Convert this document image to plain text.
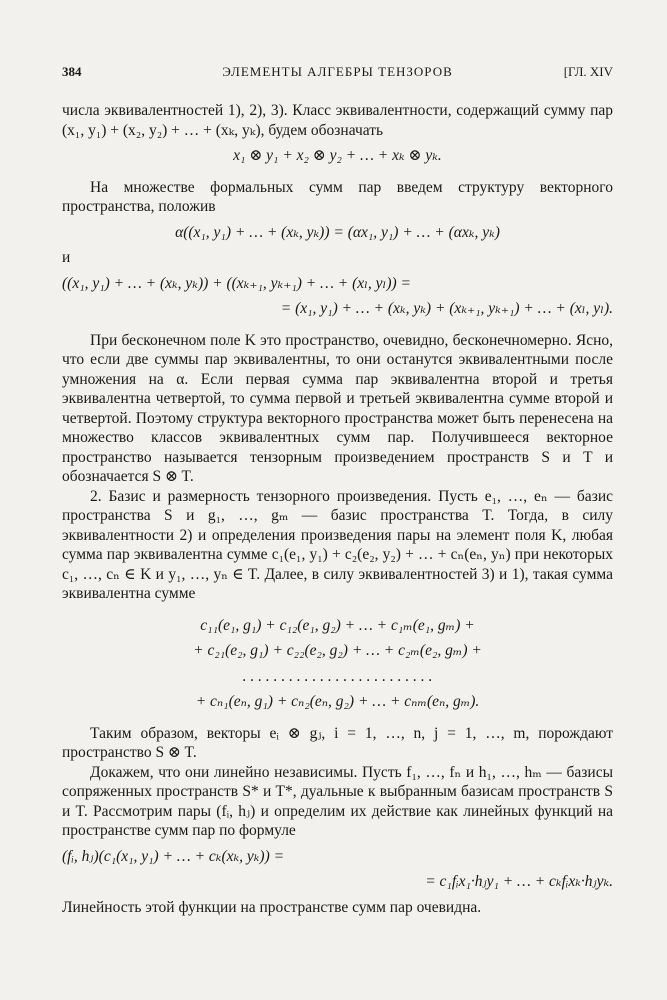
384	ЭЛЕМЕНТЫ АЛГЕБРЫ ТЕНЗОРОВ	[ГЛ. XIV

числа эквивалентностей 1), 2), 3). Класс эквивалентности, содержащий сумму пар (x₁, y₁) + (x₂, y₂) + … + (xₖ, yₖ), будем обозначать

x₁ ⊗ y₁ + x₂ ⊗ y₂ + … + xₖ ⊗ yₖ.

На множестве формальных сумм пар введем структуру векторного пространства, положив

α((x₁, y₁) + … + (xₖ, yₖ)) = (αx₁, y₁) + … + (αxₖ, yₖ)

и

((x₁, y₁) + … + (xₖ, yₖ)) + ((xₖ₊₁, yₖ₊₁) + … + (xₗ, yₗ)) =
= (x₁, y₁) + … + (xₖ, yₖ) + (xₖ₊₁, yₖ₊₁) + … + (xₗ, yₗ).

При бесконечном поле K это пространство, очевидно, бесконечномерно. Ясно, что если две суммы пар эквивалентны, то они останутся эквивалентными после умножения на α. Если первая сумма пар эквивалентна второй и третья эквивалентна четвертой, то сумма первой и третьей эквивалентна сумме второй и четвертой. Поэтому структура векторного пространства может быть перенесена на множество классов эквивалентных сумм пар. Получившееся векторное пространство называется тензорным произведением пространств S и T и обозначается S ⊗ T.

2. Базис и размерность тензорного произведения. Пусть e₁, …, eₙ — базис пространства S и g₁, …, gₘ — базис пространства T. Тогда, в силу эквивалентности 2) и определения произведения пары на элемент поля K, любая сумма пар эквивалентна сумме c₁(e₁, y₁) + c₂(e₂, y₂) + … + cₙ(eₙ, yₙ) при некоторых c₁, …, cₙ ∈ K и y₁, …, yₙ ∈ T. Далее, в силу эквивалентностей 3) и 1), такая сумма эквивалентна сумме

c₁₁(e₁, g₁) + c₁₂(e₁, g₂) + … + c₁ₘ(e₁, gₘ) +
+ c₂₁(e₂, g₁) + c₂₂(e₂, g₂) + … + c₂ₘ(e₂, gₘ) +
. . . . . . . . . . . . . . . . . . . . . . . . .
+ cₙ₁(eₙ, g₁) + cₙ₂(eₙ, g₂) + … + cₙₘ(eₙ, gₘ).

Таким образом, векторы eᵢ ⊗ gⱼ, i = 1, …, n, j = 1, …, m, порождают пространство S ⊗ T.

Докажем, что они линейно независимы. Пусть f₁, …, fₙ и h₁, …, hₘ — базисы сопряженных пространств S* и T*, дуальные к выбранным базисам пространств S и T. Рассмотрим пары (fᵢ, hⱼ) и определим их действие как линейных функций на пространстве сумм пар по формуле

(fᵢ, hⱼ)(c₁(x₁, y₁) + … + cₖ(xₖ, yₖ)) =
= c₁fᵢx₁·hⱼy₁ + … + cₖfᵢxₖ·hⱼyₖ.

Линейность этой функции на пространстве сумм пар очевидна.
